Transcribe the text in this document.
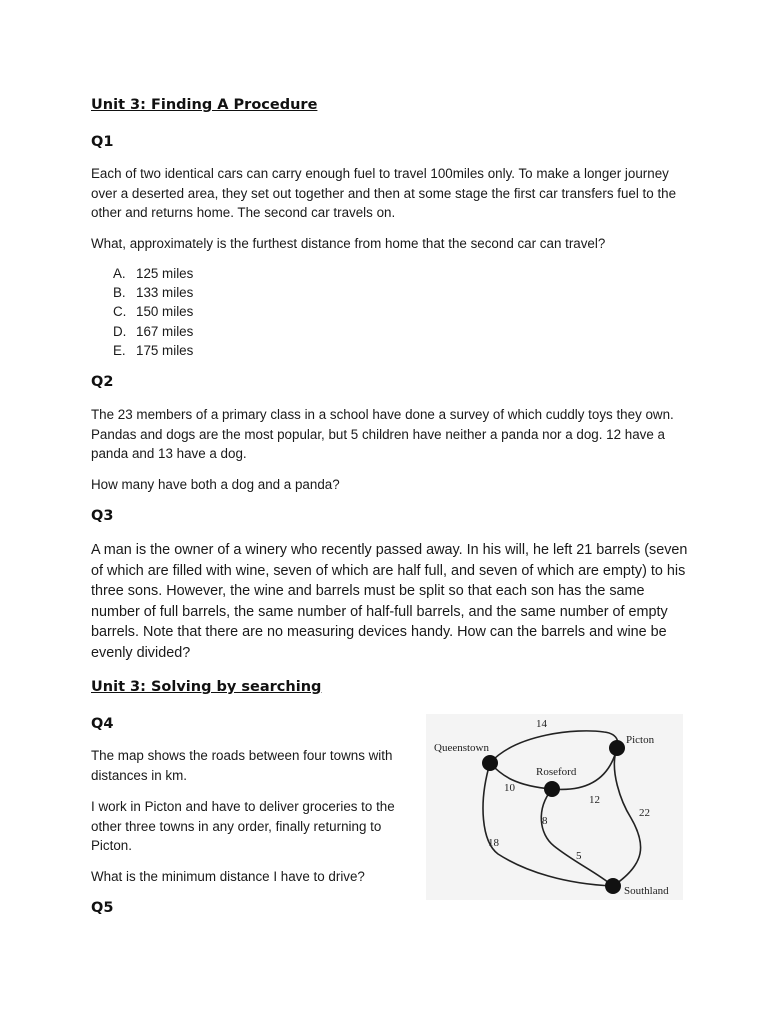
Unit 3: Finding A Procedure
Q1

Each of two identical cars can carry enough fuel to travel 100miles only. To make a longer journey over a deserted area, they set out together and then at some stage the first car transfers fuel to the other and returns home. The second car travels on.

What, approximately is the furthest distance from home that the second car can travel?

A. 125 miles
B. 133 miles
C. 150 miles
D. 167 miles
E. 175 miles
Q2

The 23 members of a primary class in a school have done a survey of which cuddly toys they own. Pandas and dogs are the most popular, but 5 children have neither a panda nor a dog. 12 have a panda and 13 have a dog.

How many have both a dog and a panda?

Q3

A man is the owner of a winery who recently passed away. In his will, he left 21 barrels (seven of which are filled with wine, seven of which are half full, and seven of which are empty) to his three sons. However, the wine and barrels must be split so that each son has the same number of full barrels, the same number of half-full barrels, and the same number of empty barrels. Note that there are no measuring devices handy. How can the barrels and wine be evenly divided?

Unit 3: Solving by searching
Q4

The map shows the roads between four towns with distances in km.

I work in Picton and have to deliver groceries to the other three towns in any order, finally returning to Picton.

What is the minimum distance I have to drive?

Queenstown
Picton
Roseford
Southland
14
10
12
22
8
18
5
Q5
